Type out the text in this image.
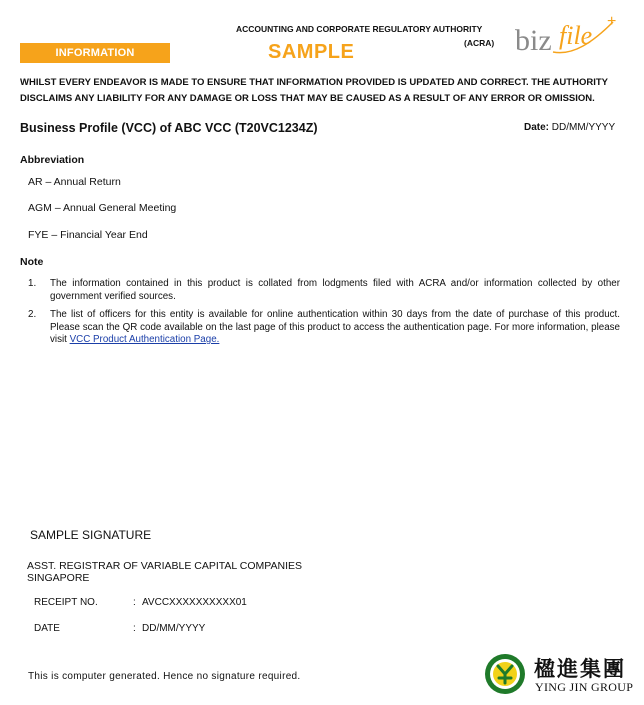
INFORMATION RESOURCES
ACCOUNTING AND CORPORATE REGULATORY AUTHORITY
(ACRA)
SAMPLE	biz file +
WHILST EVERY ENDEAVOR IS MADE TO ENSURE THAT INFORMATION PROVIDED IS UPDATED AND CORRECT. THE AUTHORITY DISCLAIMS ANY LIABILITY FOR ANY DAMAGE OR LOSS THAT MAY BE CAUSED AS A RESULT OF ANY ERROR OR OMISSION.
Business Profile (VCC) of ABC VCC (T20VC1234Z)	Date: DD/MM/YYYY
Abbreviation
AR – Annual Return
AGM – Annual General Meeting
FYE – Financial Year End
Note
1.	The information contained in this product is collated from lodgments filed with ACRA and/or information collected by other government verified sources.
2.	The list of officers for this entity is available for online authentication within 30 days from the date of purchase of this product. Please scan the QR code available on the last page of this product to access the authentication page. For more information, please visit VCC Product Authentication Page.
SAMPLE SIGNATURE
ASST. REGISTRAR OF VARIABLE CAPITAL COMPANIES
SINGAPORE
RECEIPT NO.	: AVCCXXXXXXXXXX01
DATE	: DD/MM/YYYY
This is computer generated. Hence no signature required.	楹進集團
YING JIN GROUP
